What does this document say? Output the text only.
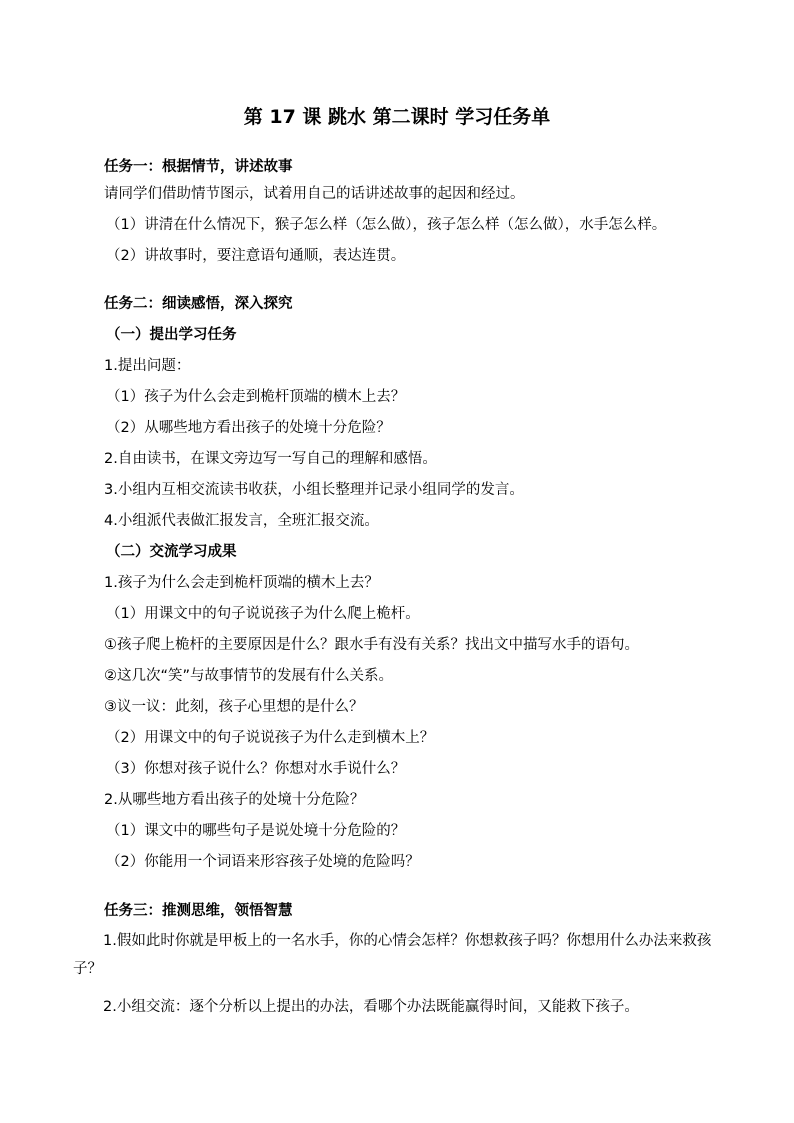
第 17 课 跳水 第二课时 学习任务单
任务一：根据情节，讲述故事
请同学们借助情节图示，试着用自己的话讲述故事的起因和经过。
（1）讲清在什么情况下，猴子怎么样（怎么做），孩子怎么样（怎么做），水手怎么样。
（2）讲故事时，要注意语句通顺，表达连贯。
任务二：细读感悟，深入探究
（一）提出学习任务
1.提出问题：
（1）孩子为什么会走到桅杆顶端的横木上去？
（2）从哪些地方看出孩子的处境十分危险？
2.自由读书，在课文旁边写一写自己的理解和感悟。
3.小组内互相交流读书收获，小组长整理并记录小组同学的发言。
4.小组派代表做汇报发言，全班汇报交流。
（二）交流学习成果
1.孩子为什么会走到桅杆顶端的横木上去？
（1）用课文中的句子说说孩子为什么爬上桅杆。
①孩子爬上桅杆的主要原因是什么？跟水手有没有关系？找出文中描写水手的语句。
②这几次“笑”与故事情节的发展有什么关系。
③议一议：此刻，孩子心里想的是什么？
（2）用课文中的句子说说孩子为什么走到横木上？
（3）你想对孩子说什么？你想对水手说什么？
2.从哪些地方看出孩子的处境十分危险？
（1）课文中的哪些句子是说处境十分危险的？
（2）你能用一个词语来形容孩子处境的危险吗？
任务三：推测思维，领悟智慧
1.假如此时你就是甲板上的一名水手，你的心情会怎样？你想救孩子吗？你想用什么办法来救孩子？
2.小组交流：逐个分析以上提出的办法，看哪个办法既能赢得时间，又能救下孩子。
